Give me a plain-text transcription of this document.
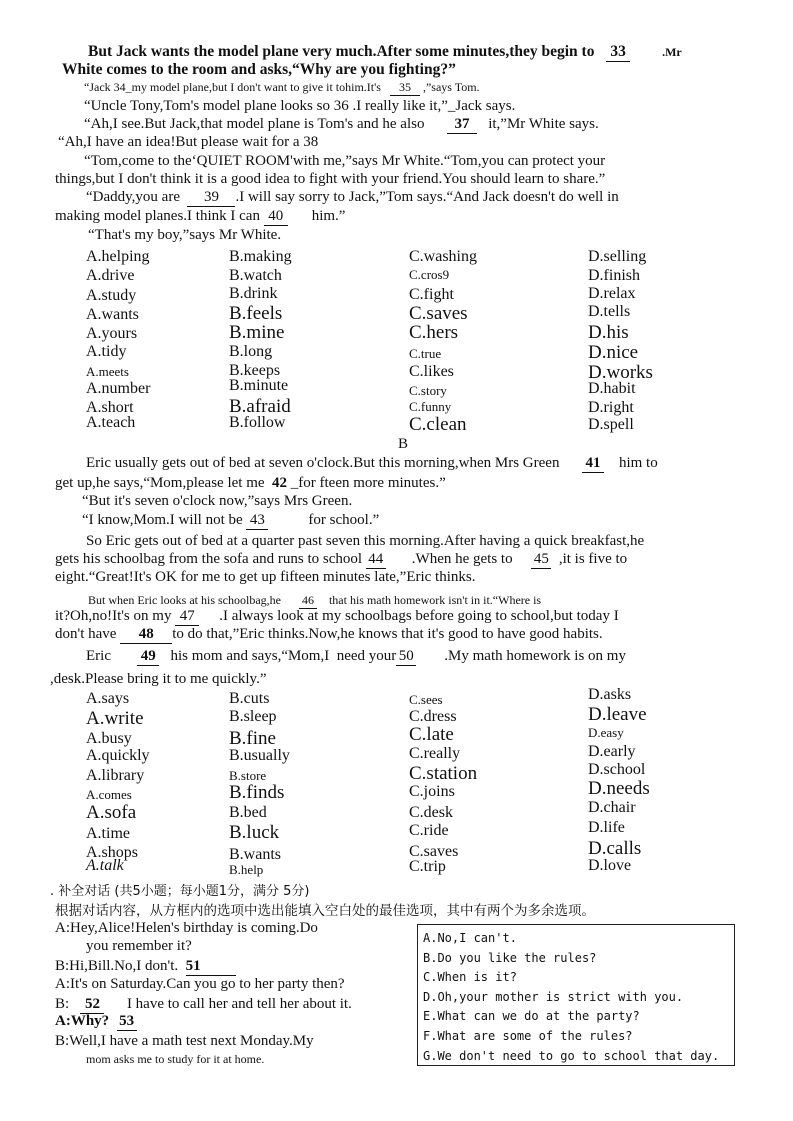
But Jack wants the model plane very much.After some minutes,they begin to 33	.Mr
White comes to the room and asks,“Why are you fighting?”
“Jack 34_my model plane,but I don't want to give it tohim.It's 35 ,”says Tom.
“Uncle Tony,Tom's model plane looks so 36 .I really like it,”_Jack says.
“Ah,I see.But Jack,that model plane is Tom's and he also 37 it,”Mr White says.
“Ah,I have an idea!But please wait for a 38
“Tom,come to the‘QUIET ROOM'with me,”says Mr White.“Tom,you can protect your
things,but I don't think it is a good idea to fight with your friend.You should learn to share.”
“Daddy,you are 39 .I will say sorry to Jack,”Tom says.“And Jack doesn't do well in
making model planes.I think I can 40 him.”
“That's my boy,”says Mr White.
A.helping	B.making	C.washing	D.selling
A.drive	B.watch	C.cros9	D.finish
A.study	B.drink	C.fight	D.relax
A.wants	B.feels	C.saves	D.tells
A.yours	B.mine	C.hers	D.his
A.tidy	B.long	C.true	D.nice
A.meets	B.keeps	C.likes	D.works
A.number	B.minute	C.story	D.habit
A.short	B.afraid	C.funny	D.right
A.teach	B.follow	C.clean	D.spell
B
Eric usually gets out of bed at seven o'clock.But this morning,when Mrs Green 41 him to
get up,he says,“Mom,please let me 42 _for fteen more minutes.”
“But it's seven o'clock now,”says Mrs Green.
“I know,Mom.I will not be 43	for school.”
So Eric gets out of bed at a quarter past seven this morning.After having a quick breakfast,he
gets his schoolbag from the sofa and runs to school 44 .When he gets to 45 ,it is five to
eight.“Great!It's OK for me to get up fifteen minutes late,”Eric thinks.
But when Eric looks at his schoolbag,he 46 that his math homework isn't in it.“Where is
it?Oh,no!It's on my 47 .I always look at my schoolbags before going to school,but today I
don't have 48 to do that,”Eric thinks.Now,he knows that it's good to have good habits.
Eric 49 his mom and says,“Mom,I need your 50 .My math homework is on my
,desk.Please bring it to me quickly.”
A.says	B.cuts	C.sees	D.asks
A.write	B.sleep	C.dress	D.leave
A.busy	B.fine	C.late	D.easy
A.quickly	B.usually	C.really	D.early
A.library	B.store	C.station	D.school
A.comes	B.finds	C.joins	D.needs
A.sofa	B.bed	C.desk	D.chair
A.time	B.luck	C.ride	D.life
A.shops	B.wants	C.saves	D.calls
A.talk	B.help	C.trip	D.love
. 补全对话 (共5小题；每小题1分，满分 5分)
根据对话内容，从方框内的选项中选出能填入空白处的最佳选项，其中有两个为多余选项。
A:Hey,Alice!Helen's birthday is coming.Do
you remember it?
B:Hi,Bill.No,I don't. 51
A:It's on Saturday.Can you go to her party then?
B: 52 I have to call her and tell her about it.
A:Why? 53
B:Well,I have a math test next Monday.My
mom asks me to study for it at home.
A.No,I can't.
B.Do you like the rules?
C.When is it?
D.Oh,your mother is strict with you.
E.What can we do at the party?
F.What are some of the rules?
G.We don't need to go to school that day.
